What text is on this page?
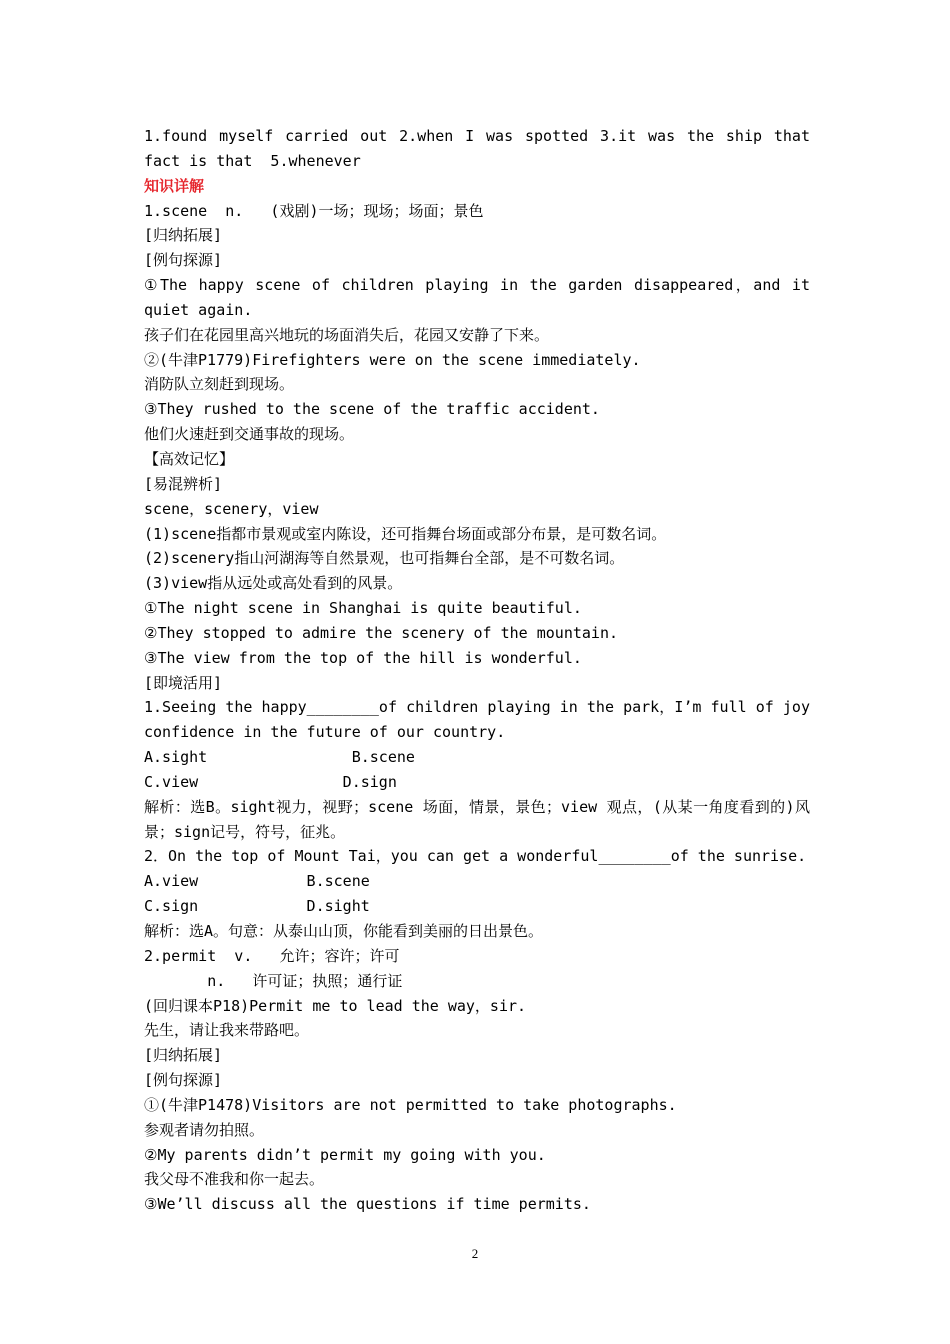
1.found myself carried out 2.when I was spotted 3.it was the ship that
fact is that  5.whenever
知识详解
1.scene  n.   (戏剧)一场；现场；场面；景色
[归纳拓展]
[例句探源]
①The happy scene of children playing in the garden disappeared，and it
quiet again.
孩子们在花园里高兴地玩的场面消失后，花园又安静了下来。
②(牛津P1779)Firefighters were on the scene immediately.
消防队立刻赶到现场。
③They rushed to the scene of the traffic accident.
他们火速赶到交通事故的现场。
【高效记忆】
[易混辨析]
scene，scenery，view
(1)scene指都市景观或室内陈设，还可指舞台场面或部分布景，是可数名词。
(2)scenery指山河湖海等自然景观，也可指舞台全部，是不可数名词。
(3)view指从远处或高处看到的风景。
①The night scene in Shanghai is quite beautiful.
②They stopped to admire the scenery of the mountain.
③The view from the top of the hill is wonderful.
[即境活用]
1.Seeing the happy________of children playing in the park，I’m full of joy
confidence in the future of our country.
A.sight                B.scene
C.view                D.sign
解析：选B。sight视力，视野；scene 场面，情景，景色；view 观点，(从某一角度看到的)风
景；sign记号，符号，征兆。
2．On the top of Mount Tai，you can get a wonderful________of the sunrise.
A.view            B.scene
C.sign            D.sight
解析：选A。句意：从泰山山顶，你能看到美丽的日出景色。
2.permit  v.   允许；容许；许可
n.   许可证；执照；通行证
(回归课本P18)Permit me to lead the way，sir.
先生，请让我来带路吧。
[归纳拓展]
[例句探源]
①(牛津P1478)Visitors are not permitted to take photographs.
参观者请勿拍照。
②My parents didn’t permit my going with you.
我父母不准我和你一起去。
③We’ll discuss all the questions if time permits.
2
